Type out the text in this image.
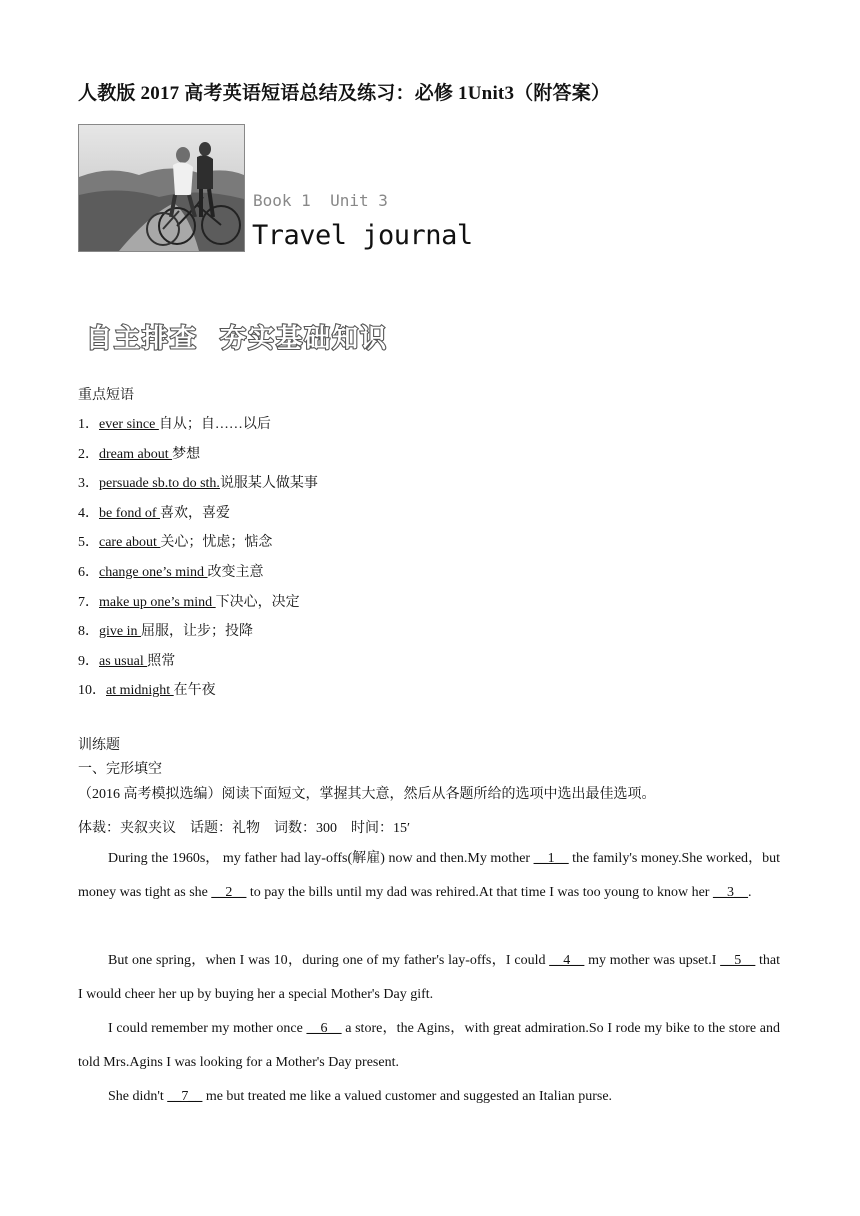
人教版 2017 高考英语短语总结及练习：必修 1Unit3（附答案）
Book 1  Unit 3
Travel journal
自主排查  夯实基础知识
重点短语
1．ever since 自从；自……以后
2．dream about 梦想
3．persuade sb.to do sth.说服某人做某事
4．be fond of 喜欢，喜爱
5．care about 关心；忧虑；惦念
6．change one’s mind 改变主意
7．make up one’s mind 下决心，决定
8．give in 屈服，让步；投降
9．as usual 照常
10．at midnight 在午夜
训练题
一、完形填空
（2016 高考模拟选编）阅读下面短文，掌握其大意，然后从各题所给的选项中选出最佳选项。
体裁：夹叙夹议　话题：礼物　词数：300　时间：15′
During the 1960s， my father had lay-offs(解雇) now and then.My mother __1__ the family's money.She worked，but money was tight as she __2__ to pay the bills until my dad was rehired.At that time I was too young to know her __3__.
But one spring，when I was 10，during one of my father's lay-offs，I could __4__ my mother was upset.I __5__ that I would cheer her up by buying her a special Mother's Day gift.
I could remember my mother once __6__ a store，the Agins，with great admiration.So I rode my bike to the store and told Mrs.Agins I was looking for a Mother's Day present.
She didn't __7__ me but treated me like a valued customer and suggested an Italian purse.
